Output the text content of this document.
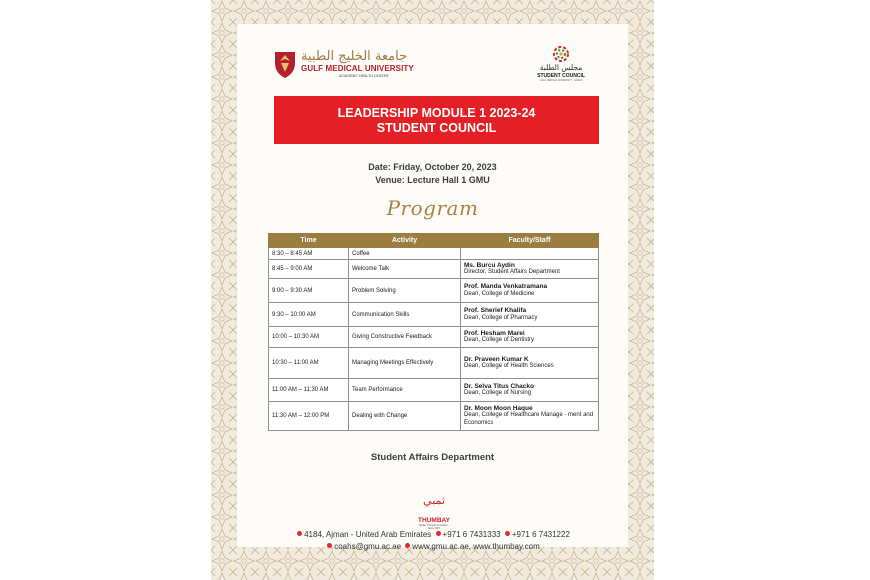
جامعة الخليج الطبية
GULF MEDICAL UNIVERSITY
ACADEMIC HEALTH CENTER
مجلس الطلبة
STUDENT COUNCIL
GULF MEDICAL UNIVERSITY · AJMAN
LEADERSHIP MODULE 1 2023-24
STUDENT COUNCIL
Date: Friday, October 20, 2023
Venue: Lecture Hall 1 GMU
Program
Time	Activity	Faculty/Staff
8:30 – 8:45 AM	Coffee	

8:45 – 9:00 AM	Welcome Talk	Ms. Burcu Aydin
Director, Student Affairs Department

9:00 – 9:30 AM	Problem Solving	Prof. Manda Venkatramana
Dean, College of Medicine

9:30 – 10:00 AM	Communication Skills	Prof. Sherief Khalifa
Dean, College of Pharmacy

10:00 – 10:30 AM	Giving Constructive Feedback	Prof. Hesham Marei
Dean, College of Dentistry

10:30 – 11:00 AM	Managing Meetings Effectively	Dr. Praveen Kumar K
Dean, College of Health Sciences

11:00 AM – 11:30 AM	Team Performance	Dr. Selva Titus Chacko
Dean, College of Nursing

11:30 AM – 12:00 PM	Dealing with Change	Dr. Moon Moon Haque
Dean, College of Healthcare Manage - ment and Economics
Student Affairs Department
ثمبي
THUMBAY
Quality Through Innovation · Since 1997
4184, Ajman - United Arab Emirates +971 6 7431333 +971 6 7431222
coahs@gmu.ac.ae www.gmu.ac.ae, www.thumbay.com
